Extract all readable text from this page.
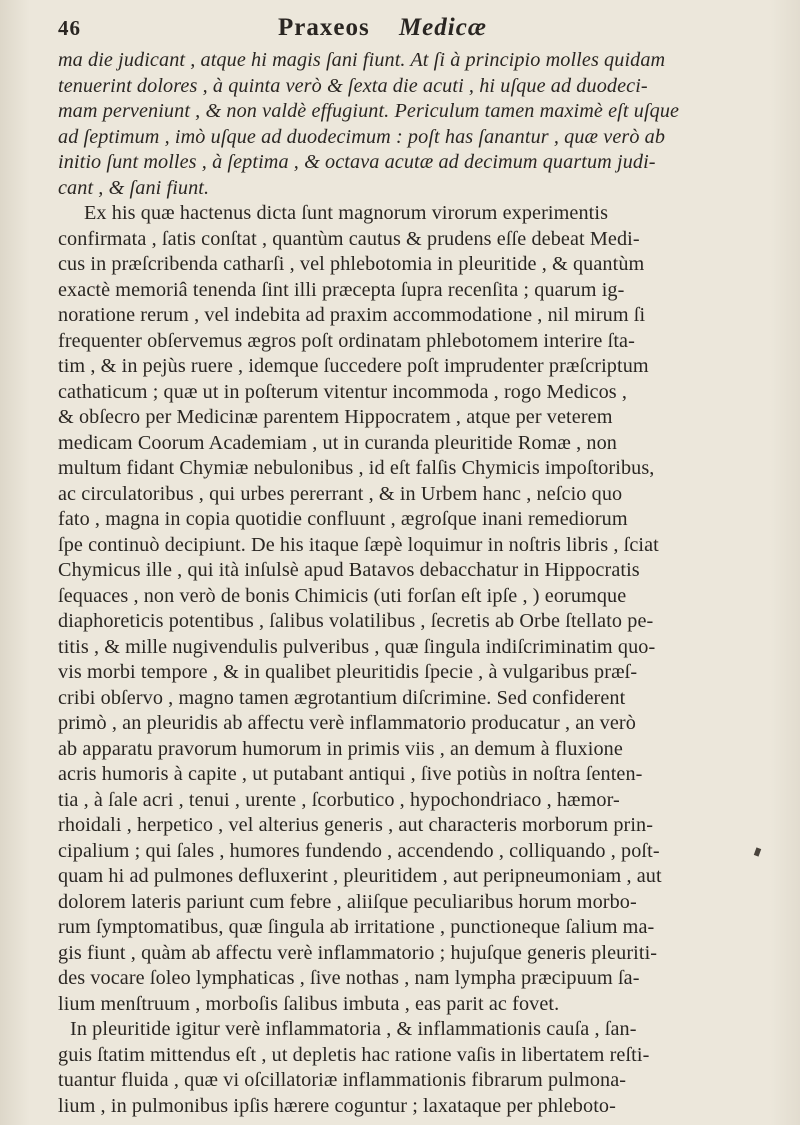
46	Praxeos Medicæ
ma die judicant , atque hi magis ſani fiunt. At ſi à principio molles quidam
tenuerint dolores , à quinta verò & ſexta die acuti , hi uſque ad duodeci-
mam perveniunt , & non valdè effugiunt. Periculum tamen maximè eſt uſque
ad ſeptimum , imò uſque ad duodecimum : poſt has ſanantur , quæ verò ab
initio ſunt molles , à ſeptima , & octava acutæ ad decimum quartum judi-
cant , & ſani fiunt.
Ex his quæ hactenus dicta ſunt magnorum virorum experimentis
confirmata , ſatis conſtat , quantùm cautus & prudens eſſe debeat Medi-
cus in præſcribenda catharſi , vel phlebotomia in pleuritide , & quantùm
exactè memoriâ tenenda ſint illi præcepta ſupra recenſita ; quarum ig-
noratione rerum , vel indebita ad praxim accommodatione , nil mirum ſi
frequenter obſervemus ægros poſt ordinatam phlebotomem interire ſta-
tim , & in pejùs ruere , idemque ſuccedere poſt imprudenter præſcriptum
cathaticum ; quæ ut in poſterum vitentur incommoda , rogo Medicos ,
& obſecro per Medicinæ parentem Hippocratem , atque per veterem
medicam Coorum Academiam , ut in curanda pleuritide Romæ , non
multum fidant Chymiæ nebulonibus , id eſt falſis Chymicis impoſtoribus,
ac circulatoribus , qui urbes pererrant , & in Urbem hanc , neſcio quo
fato , magna in copia quotidie confluunt , ægroſque inani remediorum
ſpe continuò decipiunt. De his itaque ſæpè loquimur in noſtris libris , ſciat
Chymicus ille , qui ità inſulsè apud Batavos debacchatur in Hippocratis
ſequaces , non verò de bonis Chimicis (uti forſan eſt ipſe , ) eorumque
diaphoreticis potentibus , ſalibus volatilibus , ſecretis ab Orbe ſtellato pe-
titis , & mille nugivendulis pulveribus , quæ ſingula indiſcriminatim quo-
vis morbi tempore , & in qualibet pleuritidis ſpecie , à vulgaribus præſ-
cribi obſervo , magno tamen ægrotantium diſcrimine. Sed confiderent
primò , an pleuridis ab affectu verè inflammatorio producatur , an verò
ab apparatu pravorum humorum in primis viis , an demum à fluxione
acris humoris à capite , ut putabant antiqui , ſive potiùs in noſtra ſenten-
tia , à ſale acri , tenui , urente , ſcorbutico , hypochondriaco , hæmor-
rhoidali , herpetico , vel alterius generis , aut characteris morborum prin-
cipalium ; qui ſales , humores fundendo , accendendo , colliquando , poſt-
quam hi ad pulmones defluxerint , pleuritidem , aut peripneumoniam , aut
dolorem lateris pariunt cum febre , aliiſque peculiaribus horum morbo-
rum ſymptomatibus, quæ ſingula ab irritatione , punctioneque ſalium ma-
gis fiunt , quàm ab affectu verè inflammatorio ; hujuſque generis pleuriti-
des vocare ſoleo lymphaticas , ſive nothas , nam lympha præcipuum ſa-
lium menſtruum , morboſis ſalibus imbuta , eas parit ac fovet.
In pleuritide igitur verè inflammatoria , & inflammationis cauſa , ſan-
guis ſtatim mittendus eſt , ut depletis hac ratione vaſis in libertatem reſti-
tuantur fluida , quæ vi oſcillatoriæ inflammationis fibrarum pulmona-
lium , in pulmonibus ipſis hærere coguntur ; laxataque per phleboto-
